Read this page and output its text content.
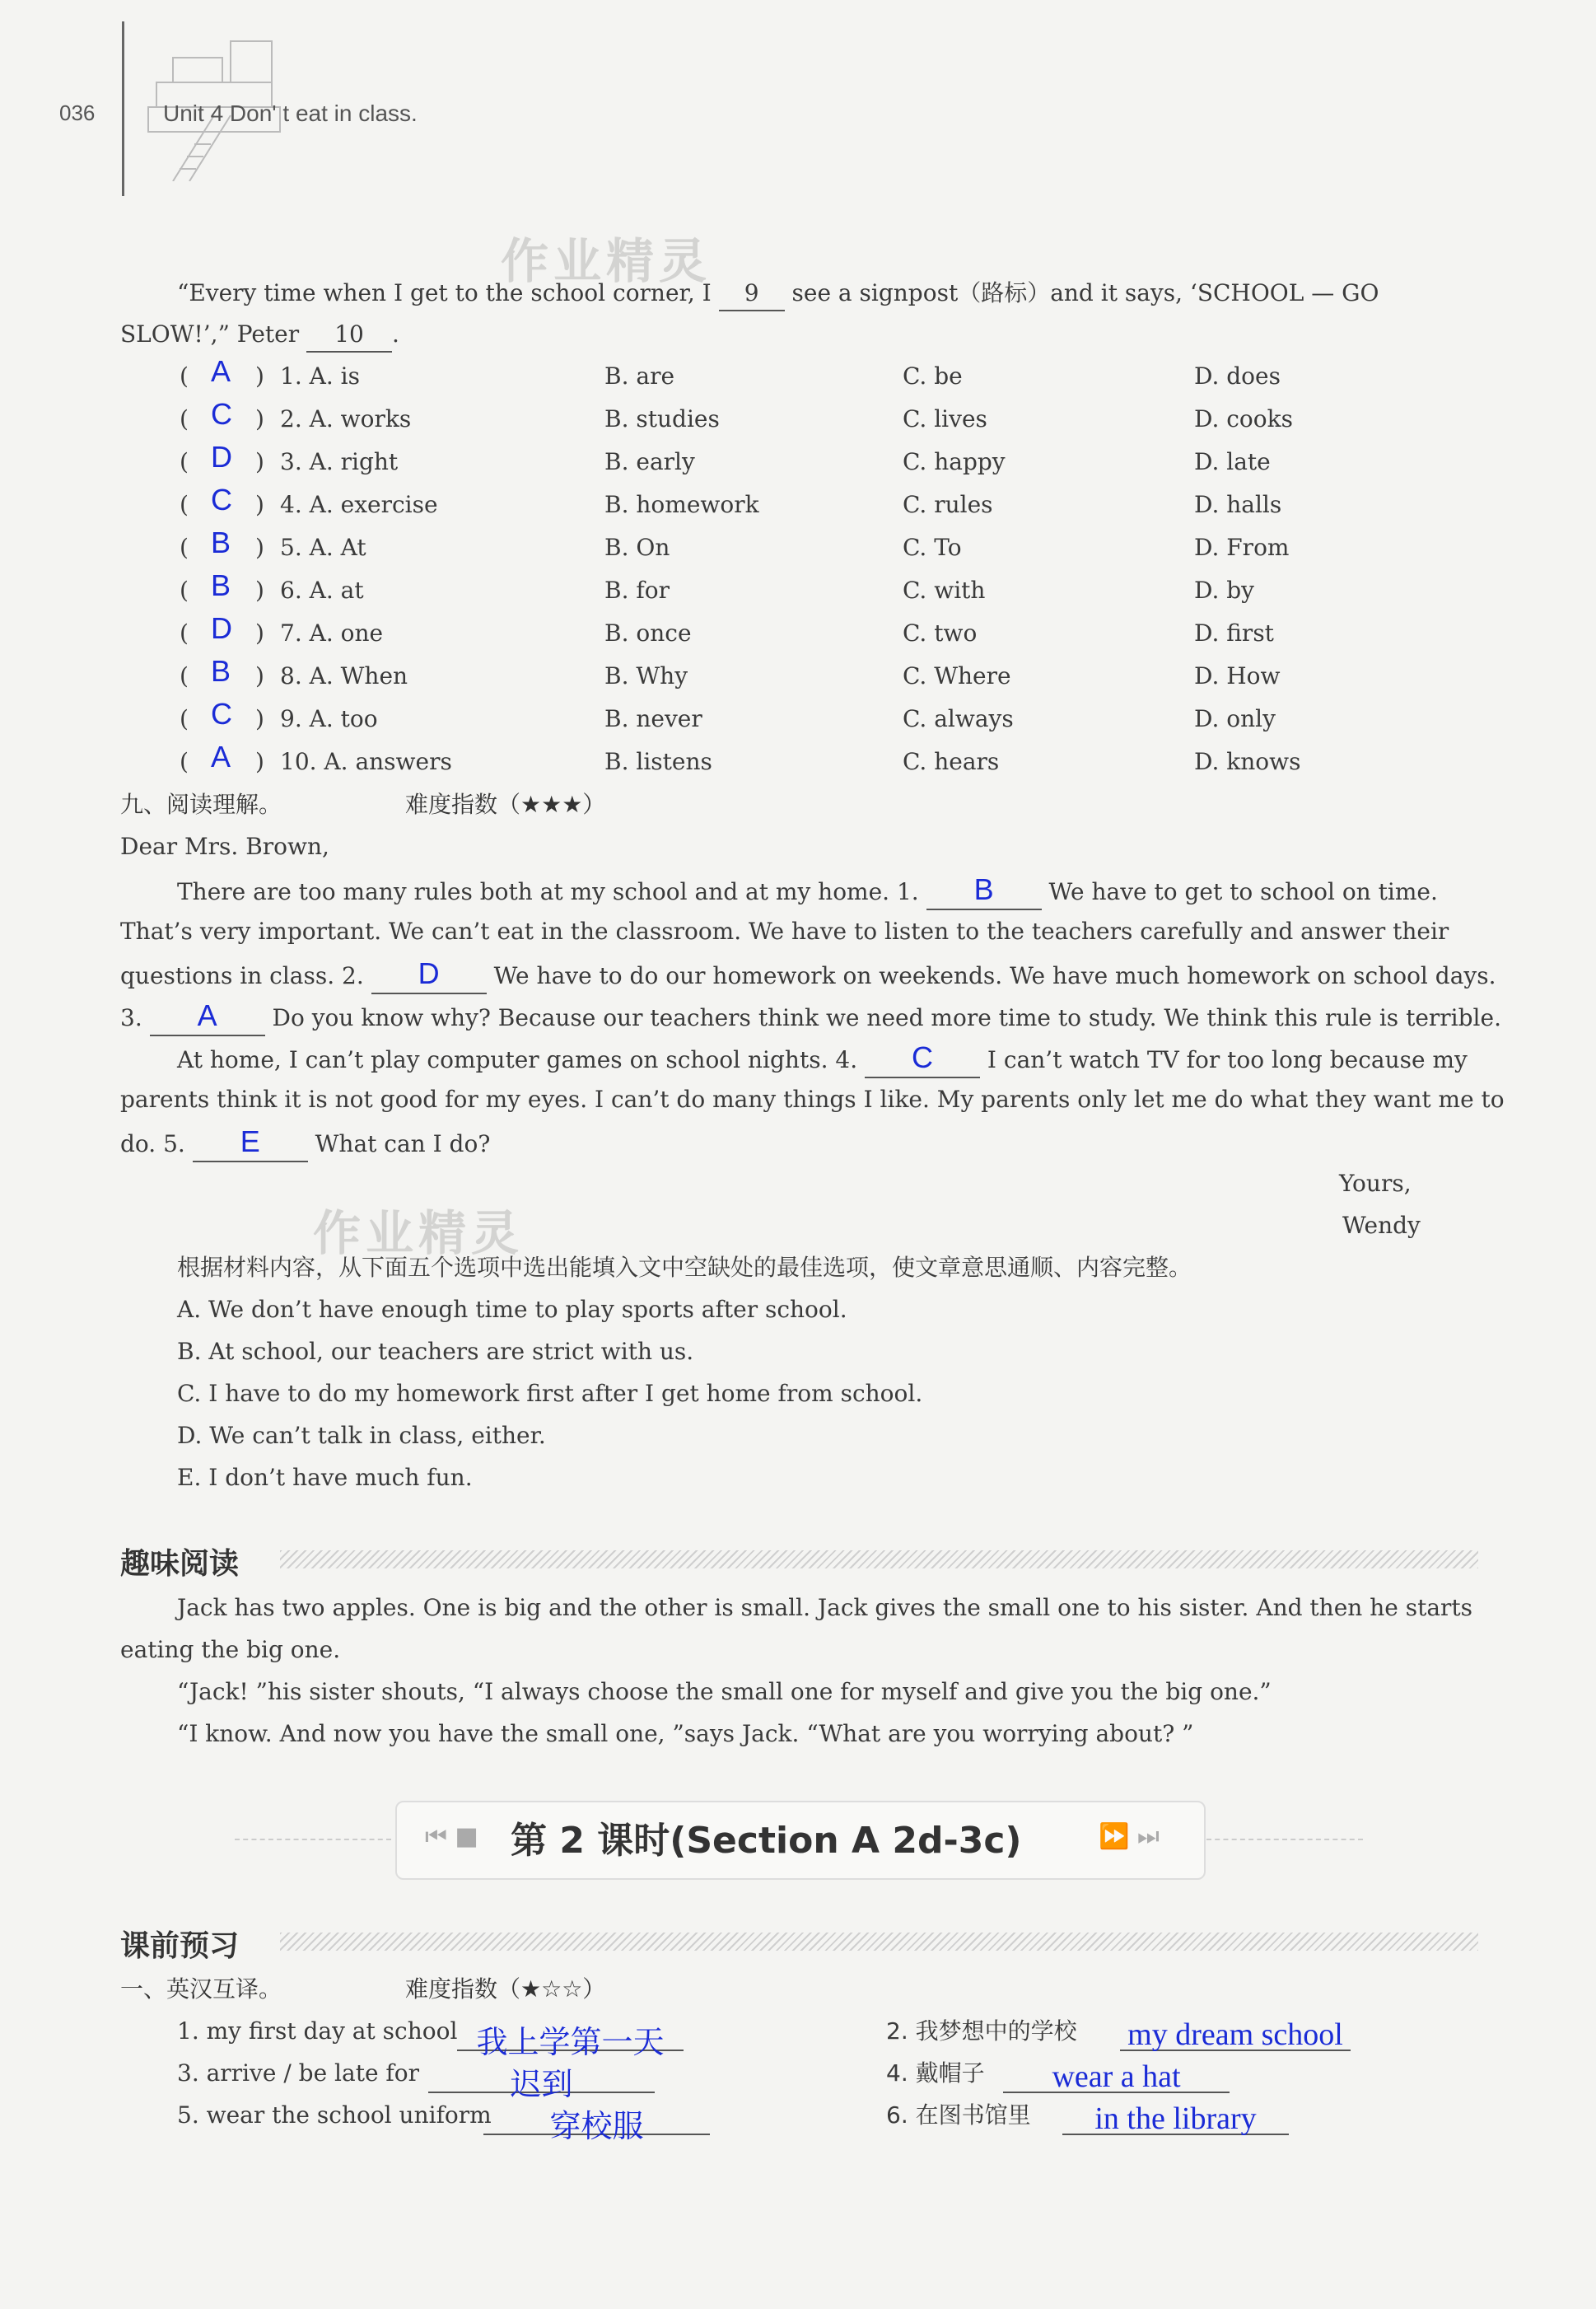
036	Unit 4 Don' t eat in class.
作业精灵
“Every time when I get to the school corner, I 9 see a signpost（路标）and it says, ‘SCHOOL — GO
SLOW!’,” Peter 10 .
( A ) 1. A. is	B. are	C. be	D. does
( C ) 2. A. works	B. studies	C. lives	D. cooks
( D ) 3. A. right	B. early	C. happy	D. late
( C ) 4. A. exercise	B. homework	C. rules	D. halls
( B ) 5. A. At	B. On	C. To	D. From
( B ) 6. A. at	B. for	C. with	D. by
( D ) 7. A. one	B. once	C. two	D. first
( B ) 8. A. When	B. Why	C. Where	D. How
( C ) 9. A. too	B. never	C. always	D. only
( A ) 10. A. answers	B. listens	C. hears	D. knows
九、阅读理解。	难度指数（★★★）
Dear Mrs. Brown,
There are too many rules both at my school and at my home. 1. B We have to get to school on time.
That’s very important. We can’t eat in the classroom. We have to listen to the teachers carefully and answer their
questions in class. 2. D We have to do our homework on weekends. We have much homework on school days.
3. A Do you know why? Because our teachers think we need more time to study. We think this rule is terrible.
At home, I can’t play computer games on school nights. 4. C I can’t watch TV for too long because my
parents think it is not good for my eyes. I can’t do many things I like. My parents only let me do what they want me to
do. 5. E What can I do?
Yours,
Wendy
作业精灵
根据材料内容，从下面五个选项中选出能填入文中空缺处的最佳选项，使文章意思通顺、内容完整。
A. We don’t have enough time to play sports after school.
B. At school, our teachers are strict with us.
C. I have to do my homework first after I get home from school.
D. We can’t talk in class, either.
E. I don’t have much fun.
趣味阅读
Jack has two apples. One is big and the other is small. Jack gives the small one to his sister. And then he starts
eating the big one.
“Jack! ”his sister shouts, “I always choose the small one for myself and give you the big one.”
“I know. And now you have the small one, ”says Jack. “What are you worrying about? ”
⏮ ■ 第 2 课时(Section A 2d-3c)	⏩ ⏭
课前预习
一、英汉互译。	难度指数（★☆☆）
1. my first day at school 我上学第一天	2. 我梦想中的学校 my dream school
3. arrive / be late for	迟到	4. 戴帽子	wear a hat
5. wear the school uniform	穿校服	6. 在图书馆里	in the library
